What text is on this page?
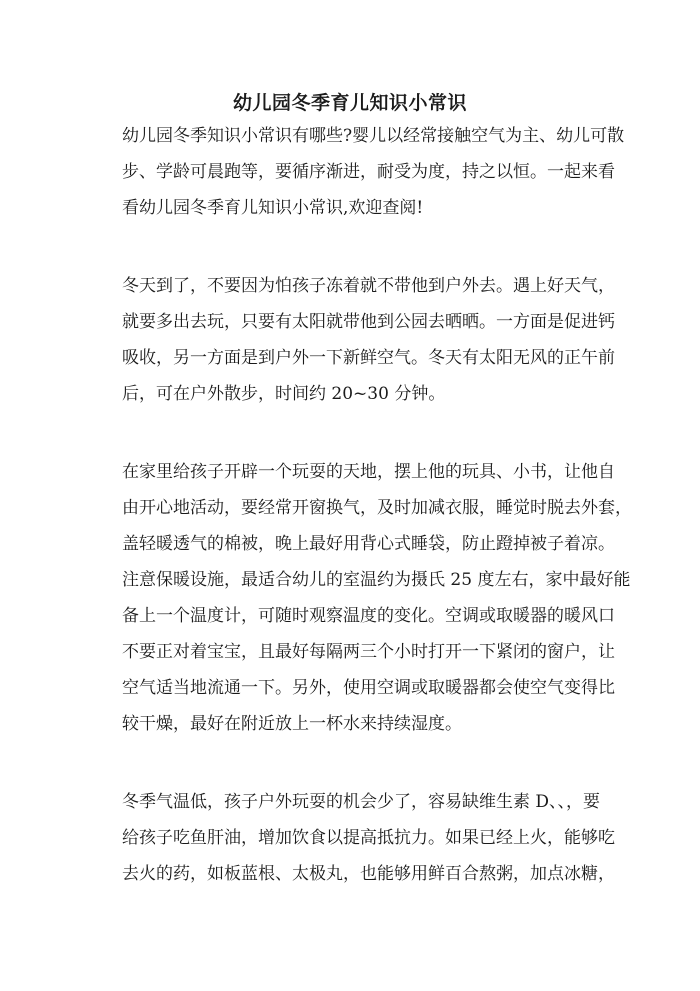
幼儿园冬季育儿知识小常识

幼儿园冬季知识小常识有哪些?婴儿以经常接触空气为主、幼儿可散
步、学龄可晨跑等，要循序渐进，耐受为度，持之以恒。一起来看
看幼儿园冬季育儿知识小常识,欢迎查阅!

冬天到了，不要因为怕孩子冻着就不带他到户外去。遇上好天气，
就要多出去玩，只要有太阳就带他到公园去晒晒。一方面是促进钙
吸收，另一方面是到户外一下新鲜空气。冬天有太阳无风的正午前
后，可在户外散步，时间约 20~30 分钟。

在家里给孩子开辟一个玩耍的天地，摆上他的玩具、小书，让他自
由开心地活动，要经常开窗换气，及时加减衣服，睡觉时脱去外套，
盖轻暖透气的棉被，晚上最好用背心式睡袋，防止蹬掉被子着凉。
注意保暖设施，最适合幼儿的室温约为摄氏 25 度左右，家中最好能
备上一个温度计，可随时观察温度的变化。空调或取暖器的暖风口
不要正对着宝宝，且最好每隔两三个小时打开一下紧闭的窗户，让
空气适当地流通一下。另外，使用空调或取暖器都会使空气变得比
较干燥，最好在附近放上一杯水来持续湿度。

冬季气温低，孩子户外玩耍的机会少了，容易缺维生素 D、、，要
给孩子吃鱼肝油，增加饮食以提高抵抗力。如果已经上火，能够吃
去火的药，如板蓝根、太极丸，也能够用鲜百合熬粥，加点冰糖，
